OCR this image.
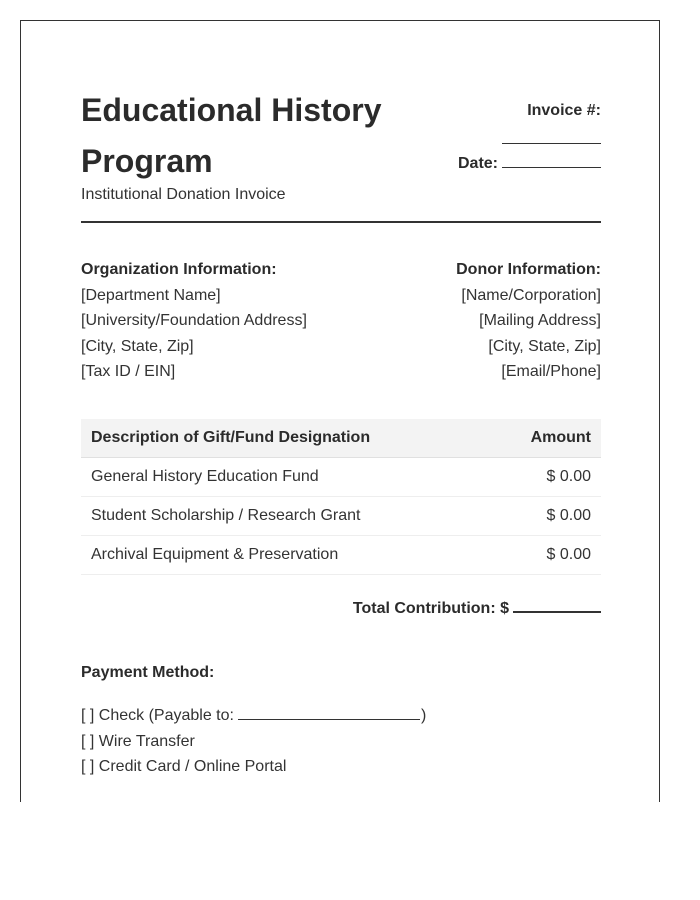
Educational History Program
Institutional Donation Invoice
Invoice #:
Date:
Organization Information:
[Department Name]
[University/Foundation Address]
[City, State, Zip]
[Tax ID / EIN]
Donor Information:
[Name/Corporation]
[Mailing Address]
[City, State, Zip]
[Email/Phone]
Description of Gift/Fund Designation	Amount
General History Education Fund	$ 0.00
Student Scholarship / Research Grant	$ 0.00
Archival Equipment & Preservation	$ 0.00
Total Contribution: $
Payment Method:
[ ] Check (Payable to:	)
[ ] Wire Transfer
[ ] Credit Card / Online Portal
